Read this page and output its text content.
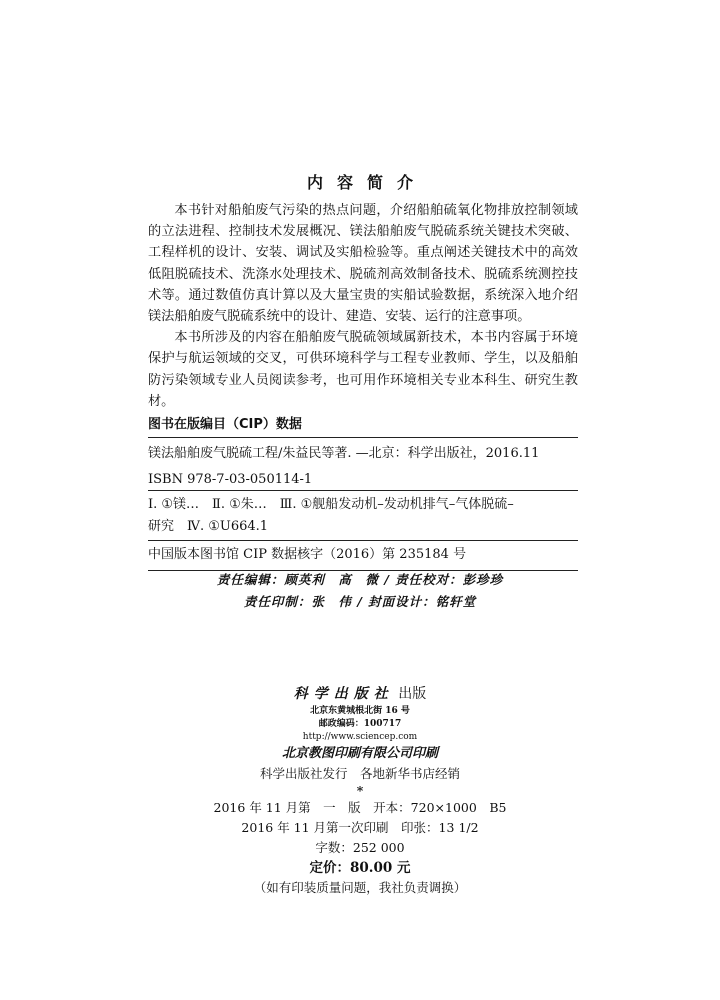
内容简介

本书针对船舶废气污染的热点问题，介绍船舶硫氧化物排放控制领域的立法进程、控制技术发展概况、镁法船舶废气脱硫系统关键技术突破、工程样机的设计、安装、调试及实船检验等。重点阐述关键技术中的高效低阻脱硫技术、洗涤水处理技术、脱硫剂高效制备技术、脱硫系统测控技术等。通过数值仿真计算以及大量宝贵的实船试验数据，系统深入地介绍镁法船舶废气脱硫系统中的设计、建造、安装、运行的注意事项。

本书所涉及的内容在船舶废气脱硫领域属新技术，本书内容属于环境保护与航运领域的交叉，可供环境科学与工程专业教师、学生，以及船舶防污染领域专业人员阅读参考，也可用作环境相关专业本科生、研究生教材。

图书在版编目（CIP）数据
镁法船舶废气脱硫工程/朱益民等著. —北京：科学出版社，2016.11
ISBN 978-7-03-050114-1
Ⅰ. ①镁…　Ⅱ. ①朱…　Ⅲ. ①舰船发动机–发动机排气–气体脱硫–
研究　Ⅳ. ①U664.1
中国版本图书馆 CIP 数据核字（2016）第 235184 号
责任编辑：顾英利　高　微 / 责任校对：彭珍珍
责任印制：张　伟 / 封面设计：铭轩堂
科学出版社 出版
北京东黄城根北街 16 号
邮政编码：100717
http://www.sciencep.com
北京教图印刷有限公司印刷
科学出版社发行　各地新华书店经销
*
2016 年 11 月第　一　版　开本：720×1000　B5
2016 年 11 月第一次印刷　印张：13 1/2
字数：252 000
定价：80.00 元
（如有印装质量问题，我社负责调换）
